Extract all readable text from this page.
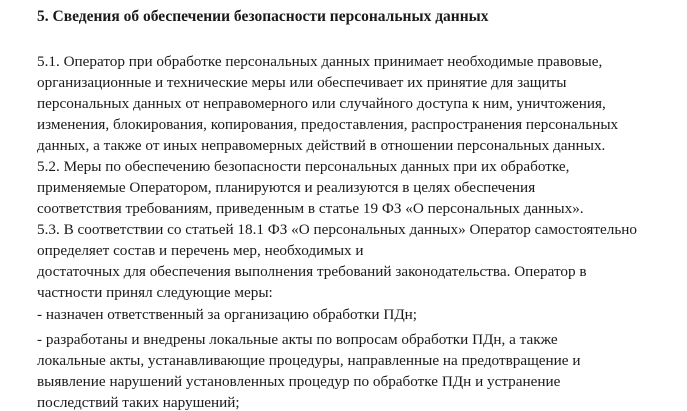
5. Сведения об обеспечении безопасности персональных данных
5.1. Оператор при обработке персональных данных принимает необходимые правовые,
организационные и технические меры или обеспечивает их принятие для защиты
персональных данных от неправомерного или случайного доступа к ним, уничтожения,
изменения, блокирования, копирования, предоставления, распространения персональных
данных, а также от иных неправомерных действий в отношении персональных данных.
5.2. Меры по обеспечению безопасности персональных данных при их обработке,
применяемые Оператором, планируются и реализуются в целях обеспечения
соответствия требованиям, приведенным в статье 19 ФЗ «О персональных данных».
5.3. В соответствии со статьей 18.1 ФЗ «О персональных данных» Оператор самостоятельно
определяет состав и перечень мер, необходимых и
достаточных для обеспечения выполнения требований законодательства. Оператор в
частности принял следующие меры:
- назначен ответственный за организацию обработки ПДн;
- разработаны и внедрены локальные акты по вопросам обработки ПДн, а также
локальные акты, устанавливающие процедуры, направленные на предотвращение и
выявление нарушений установленных процедур по обработке ПДн и устранение
последствий таких нарушений;
